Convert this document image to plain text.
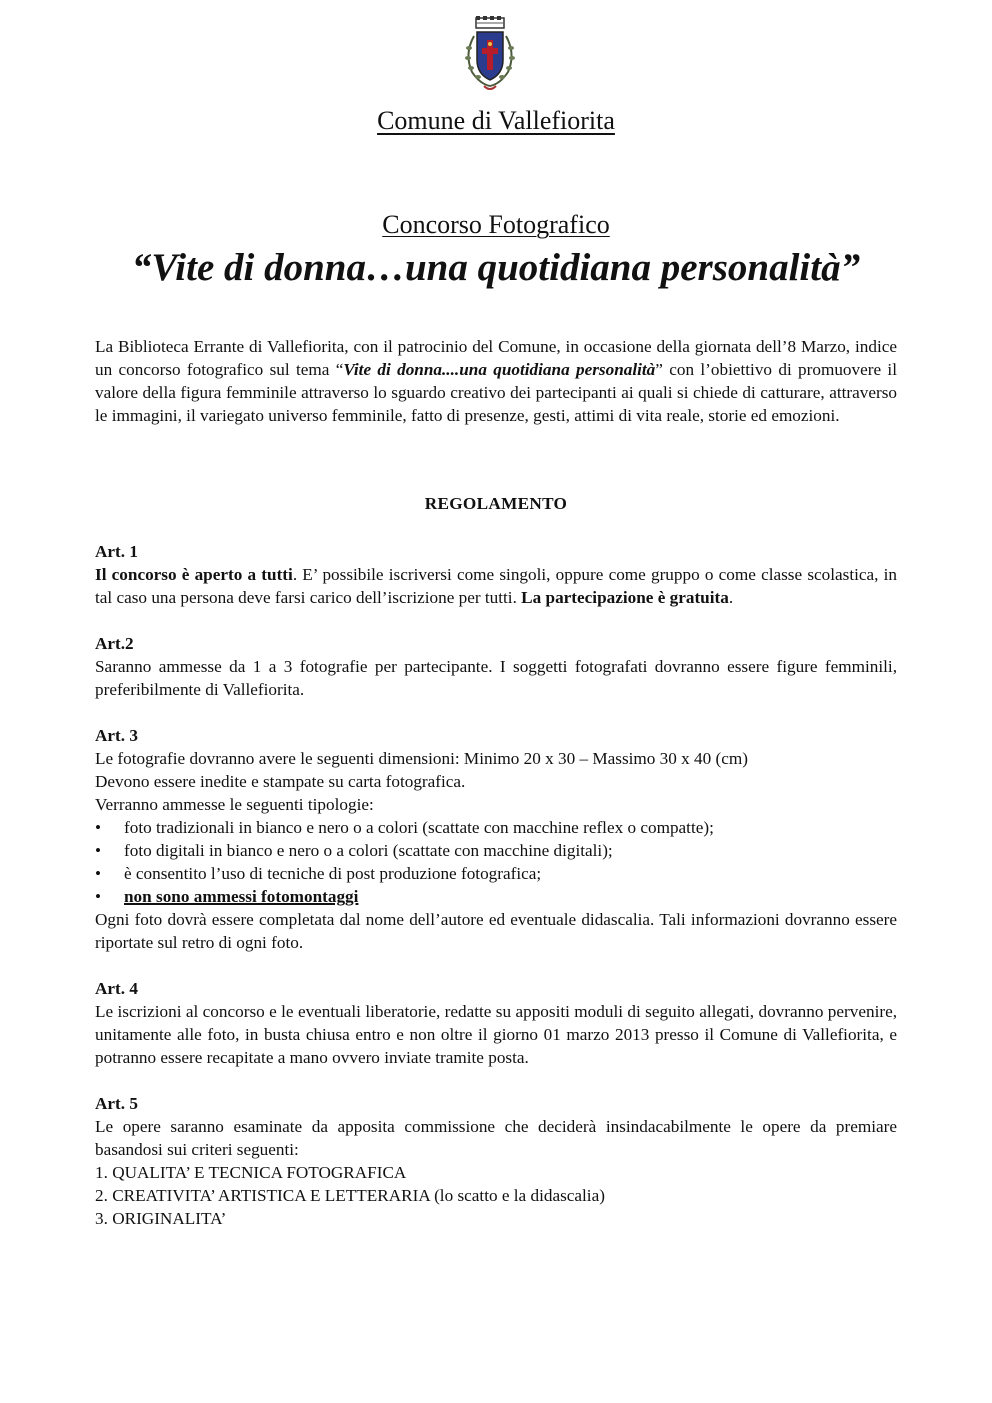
Comune di Vallefiorita
Concorso Fotografico
“Vite di donna…una quotidiana personalità”

La Biblioteca Errante di Vallefiorita, con il patrocinio del Comune, in occasione della giornata dell’8 Marzo, indice un concorso fotografico sul tema “Vite di donna....una quotidiana personalità” con l’obiettivo di promuovere il valore della figura femminile attraverso lo sguardo creativo dei partecipanti ai quali si chiede di catturare, attraverso le immagini, il variegato universo femminile, fatto di presenze, gesti, attimi di vita reale, storie ed emozioni.

REGOLAMENTO
Art. 1

Il concorso è aperto a tutti. E’ possibile iscriversi come singoli, oppure come gruppo o come classe scolastica, in tal caso una persona deve farsi carico dell’iscrizione per tutti. La partecipazione è gratuita.

Art.2

Saranno ammesse da 1 a 3 fotografie per partecipante. I soggetti fotografati dovranno essere figure femminili, preferibilmente di Vallefiorita.

Art. 3

Le fotografie dovranno avere le seguenti dimensioni: Minimo 20 x 30 – Massimo 30 x 40 (cm)

Devono essere inedite e stampate su carta fotografica.

Verranno ammesse le seguenti tipologie:

• foto tradizionali in bianco e nero o a colori (scattate con macchine reflex o compatte);
• foto digitali in bianco e nero o a colori (scattate con macchine digitali);
• è consentito l’uso di tecniche di post produzione fotografica;
• non sono ammessi fotomontaggi

Ogni foto dovrà essere completata dal nome dell’autore ed eventuale didascalia. Tali informazioni dovranno essere riportate sul retro di ogni foto.

Art. 4

Le iscrizioni al concorso e le eventuali liberatorie, redatte su appositi moduli di seguito allegati, dovranno pervenire, unitamente alle foto, in busta chiusa entro e non oltre il giorno 01 marzo 2013 presso il Comune di Vallefiorita, e potranno essere recapitate a mano ovvero inviate tramite posta.

Art. 5

Le opere saranno esaminate da apposita commissione che deciderà insindacabilmente le opere da premiare basandosi sui criteri seguenti:

1. QUALITA’ E TECNICA FOTOGRAFICA
2. CREATIVITA’ ARTISTICA E LETTERARIA (lo scatto e la didascalia)
3. ORIGINALITA’
